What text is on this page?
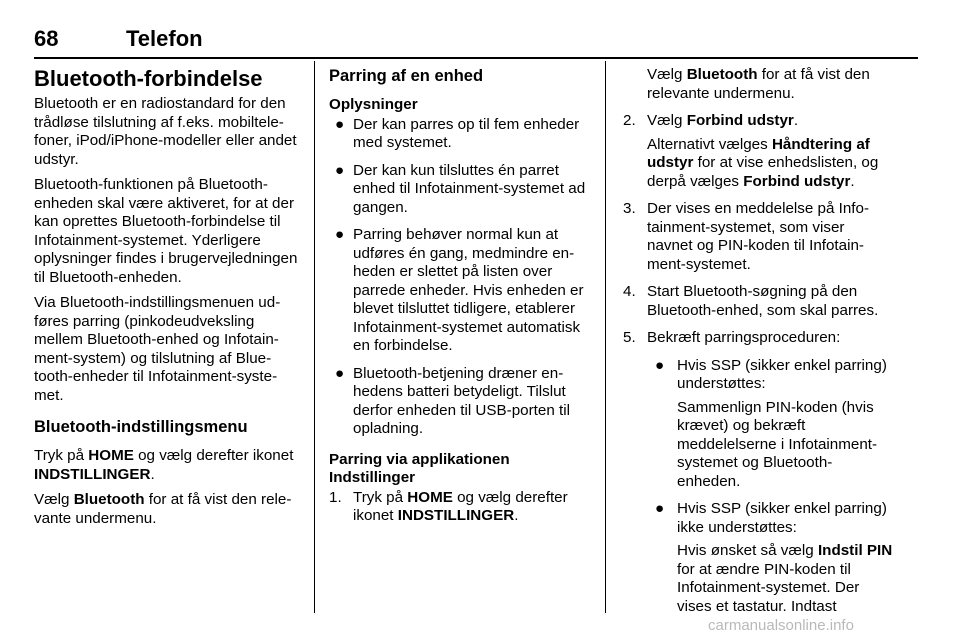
68	Telefon
Bluetooth-forbindelse

Bluetooth er en radiostandard for den trådløse tilslutning af f.eks. mobiltelefoner, iPod/iPhone-modeller eller andet udstyr.

Bluetooth-funktionen på Bluetooth-enheden skal være aktiveret, for at der kan oprettes Bluetooth-forbindelse til Infotainment-systemet. Yderligere oplysninger findes i brugervejledningen til Bluetooth-enheden.

Via Bluetooth-indstillingsmenuen udføres parring (pinkodeudveksling mellem Bluetooth-enhed og Infotainment-system) og tilslutning af Bluetooth-enheder til Infotainment-systemet.

Bluetooth-indstillingsmenu

Tryk på HOME og vælg derefter ikonet INDSTILLINGER.

Vælg Bluetooth for at få vist den relevante undermenu.

Parring af en enhed
Oplysninger
● Der kan parres op til fem enheder med systemet.
● Der kan kun tilsluttes én parret enhed til Infotainment-systemet ad gangen.
● Parring behøver normal kun at udføres én gang, medmindre enheden er slettet på listen over parrede enheder. Hvis enheden er blevet tilsluttet tidligere, etablerer Infotainment-systemet automatisk en forbindelse.
● Bluetooth-betjening dræner enhedens batteri betydeligt. Tilslut derfor enheden til USB-porten til opladning.
Parring via applikationen Indstillinger
1. Tryk på HOME og vælg derefter ikonet INDSTILLINGER.
Vælg Bluetooth for at få vist den relevante undermenu.
2. Vælg Forbind udstyr.

Alternativt vælges Håndtering af udstyr for at vise enhedslisten, og derpå vælges Forbind udstyr.

3. Der vises en meddelelse på Infotainment-systemet, som viser navnet og PIN-koden til Infotainment-systemet.
4. Start Bluetooth-søgning på den Bluetooth-enhed, som skal parres.
5. Bekræft parringsproceduren:
● Hvis SSP (sikker enkel parring) understøttes:

Sammenlign PIN-koden (hvis krævet) og bekræft meddelelserne i Infotainment-systemet og Bluetooth-enheden.

● Hvis SSP (sikker enkel parring) ikke understøttes:

Hvis ønsket så vælg Indstil PIN for at ændre PIN-koden til Infotainment-systemet. Der vises et tastatur. Indtast

carmanualsonline.info
